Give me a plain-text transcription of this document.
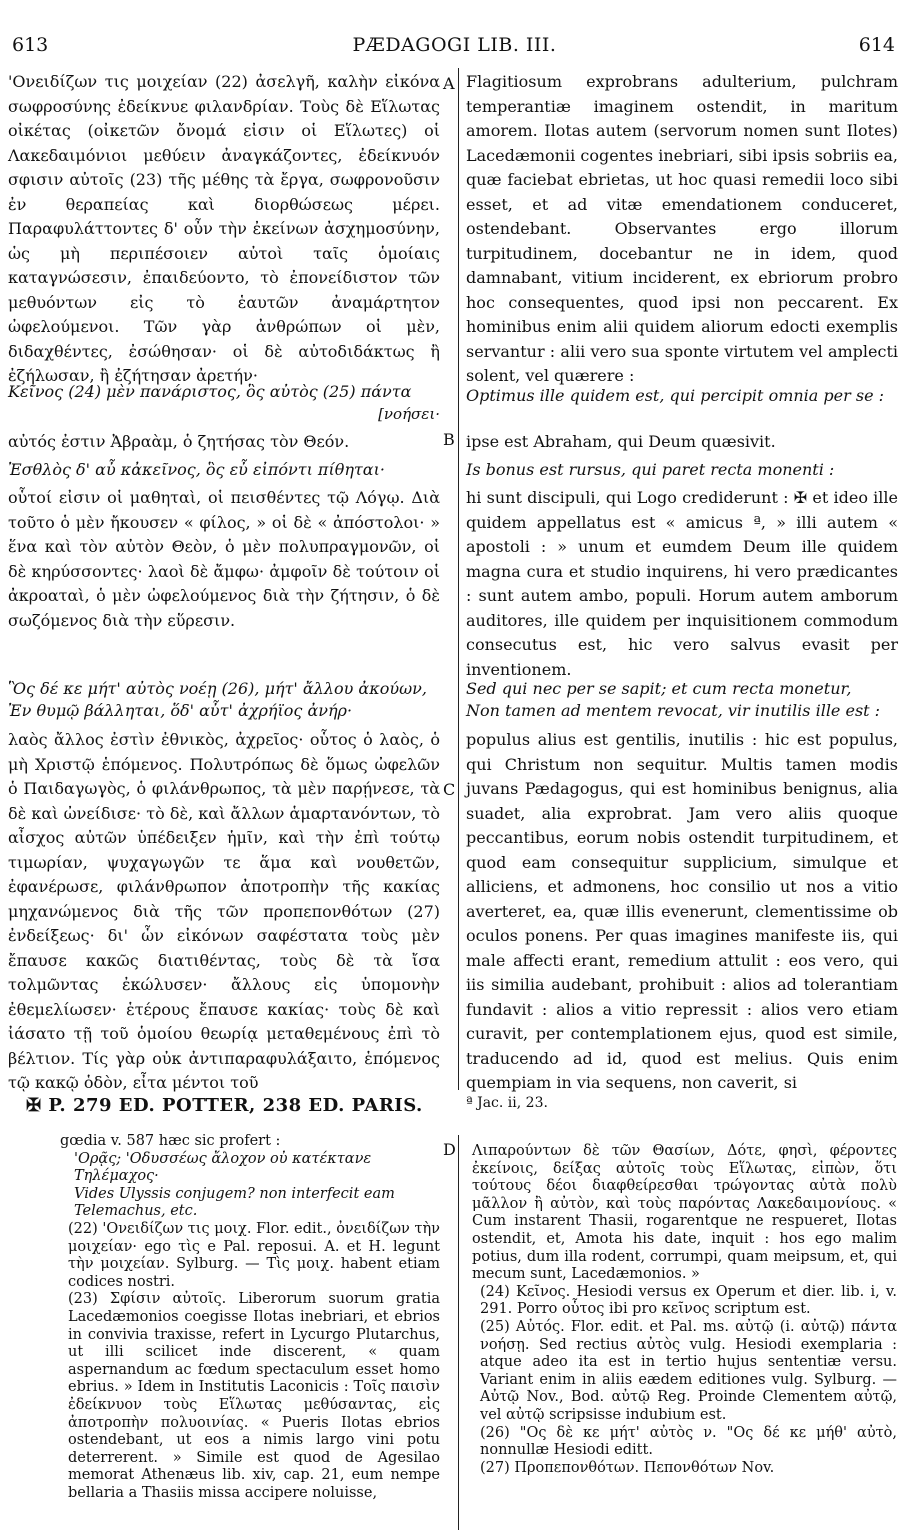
613	PÆDAGOGI LIB. III.	614
'Ονειδίζων τις μοιχείαν (22) ἀσελγῆ, καλὴν εἰκόνα σωφροσύνης ἐδείκνυε φιλανδρίαν. Τοὺς δὲ Εἵλωτας οἰκέτας (οἰκετῶν ὄνομά εἰσιν οἱ Εἵλωτες) οἱ Λακεδαιμόνιοι μεθύειν ἀναγκάζοντες, ἐδείκνυόν σφισιν αὐτοῖς (23) τῆς μέθης τὰ ἔργα, σωφρονοῦσιν ἐν θεραπείας καὶ διορθώσεως μέρει. Παραφυλάττοντες δ' οὖν τὴν ἐκείνων ἀσχημοσύνην, ὡς μὴ περιπέσοιεν αὐτοὶ ταῖς ὁμοίαις καταγνώσεσιν, ἐπαιδεύοντο, τὸ ἐπονείδιστον τῶν μεθυόντων εἰς τὸ ἑαυτῶν ἀναμάρτητον ὠφελούμενοι. Τῶν γὰρ ἀνθρώπων οἱ μὲν, διδαχθέντες, ἐσώθησαν· οἱ δὲ αὐτοδιδάκτως ἢ ἐζήλωσαν, ἢ ἐζήτησαν ἀρετήν·
Κεῖνος (24) μὲν πανάριστος, ὃς αὐτὸς (25) πάντα
[νοήσει·
αὐτός ἐστιν Ἀβραὰμ, ὁ ζητήσας τὸν Θεόν.
Ἐσθλὸς δ' αὖ κἀκεῖνος, ὃς εὖ εἰπόντι πίθηται·
οὗτοί εἰσιν οἱ μαθηταὶ, οἱ πεισθέντες τῷ Λόγῳ. Διὰ τοῦτο ὁ μὲν ἤκουσεν « φίλος, » οἱ δὲ « ἀπόστολοι· » ἕνα καὶ τὸν αὐτὸν Θεὸν, ὁ μὲν πολυπραγμονῶν, οἱ δὲ κηρύσσοντες· λαοὶ δὲ ἄμφω· ἀμφοῖν δὲ τούτοιν οἱ ἀκροαταὶ, ὁ μὲν ὠφελούμενος διὰ τὴν ζήτησιν, ὁ δὲ σωζόμενος διὰ τὴν εὕρεσιν.
Ὃς δέ κε μήτ' αὐτὸς νοέῃ (26), μήτ' ἄλλου ἀκούων,
Ἐν θυμῷ βάλληται, ὅδ' αὖτ' ἀχρήϊος ἀνήρ·
λαὸς ἄλλος ἐστὶν ἐθνικὸς, ἀχρεῖος· οὗτος ὁ λαὸς, ὁ μὴ Χριστῷ ἑπόμενος. Πολυτρόπως δὲ ὅμως ὠφελῶν ὁ Παιδαγωγὸς, ὁ φιλάνθρωπος, τὰ μὲν παρῄνεσε, τὰ δὲ καὶ ὠνείδισε· τὸ δὲ, καὶ ἄλλων ἁμαρτανόντων, τὸ αἶσχος αὐτῶν ὑπέδειξεν ἡμῖν, καὶ τὴν ἐπὶ τούτῳ τιμωρίαν, ψυχαγωγῶν τε ἅμα καὶ νουθετῶν, ἐφανέρωσε, φιλάνθρωπον ἀποτροπὴν τῆς κακίας μηχανώμενος διὰ τῆς τῶν προπεπονθότων (27) ἐνδείξεως· δι' ὧν εἰκόνων σαφέστατα τοὺς μὲν ἔπαυσε κακῶς διατιθέντας, τοὺς δὲ τὰ ἴσα τολμῶντας ἐκώλυσεν· ἄλλους εἰς ὑπομονὴν ἐθεμελίωσεν· ἑτέρους ἔπαυσε κακίας· τοὺς δὲ καὶ ἰάσατο τῇ τοῦ ὁμοίου θεωρίᾳ μεταθεμένους ἐπὶ τὸ βέλτιον. Τίς γὰρ οὐκ ἀντιπαραφυλάξαιτο, ἑπόμενος τῷ κακῷ ὁδὸν, εἶτα μέντοι τοῦ
A
B
C
D
Flagitiosum exprobrans adulterium, pulchram temperantiæ imaginem ostendit, in maritum amorem. Ilotas autem (servorum nomen sunt Ilotes) Lacedæmonii cogentes inebriari, sibi ipsis sobriis ea, quæ faciebat ebrietas, ut hoc quasi remedii loco sibi esset, et ad vitæ emendationem conduceret, ostendebant. Observantes ergo illorum turpitudinem, docebantur ne in idem, quod damnabant, vitium inciderent, ex ebriorum probro hoc consequentes, quod ipsi non peccarent. Ex hominibus enim alii quidem aliorum edocti exemplis servantur : alii vero sua sponte virtutem vel amplecti solent, vel quærere :
Optimus ille quidem est, qui percipit omnia per se :
ipse est Abraham, qui Deum quæsivit.
Is bonus est rursus, qui paret recta monenti :
hi sunt discipuli, qui Logo crediderunt : ✠ et ideo ille quidem appellatus est « amicus ª, » illi autem « apostoli : » unum et eumdem Deum ille quidem magna cura et studio inquirens, hi vero prædicantes : sunt autem ambo, populi. Horum autem amborum auditores, ille quidem per inquisitionem commodum consecutus est, hic vero salvus evasit per inventionem.
Sed qui nec per se sapit; et cum recta monetur,
Non tamen ad mentem revocat, vir inutilis ille est :
populus alius est gentilis, inutilis : hic est populus, qui Christum non sequitur. Multis tamen modis juvans Pædagogus, qui est hominibus benignus, alia suadet, alia exprobrat. Jam vero aliis quoque peccantibus, eorum nobis ostendit turpitudinem, et quod eam consequitur supplicium, simulque et alliciens, et admonens, hoc consilio ut nos a vitio averteret, ea, quæ illis evenerunt, clementissime ob oculos ponens. Per quas imagines manifeste iis, qui male affecti erant, remedium attulit : eos vero, qui iis similia audebant, prohibuit : alios ad tolerantiam fundavit : alios a vitio repressit : alios vero etiam curavit, per contemplationem ejus, quod est simile, traducendo ad id, quod est melius. Quis enim quempiam in via sequens, non caverit, si
✠ P. 279 ED. POTTER, 238 ED. PARIS.	ª Jac. ii, 23.

gœdia v. 587 hæc sic profert :

'Ορᾷς; 'Οδυσσέως ἄλοχον οὐ κατέκτανε

Τηλέμαχος·

Vides Ulyssis conjugem? non interfecit eam

Telemachus, etc.

(22) 'Ονειδίζων τις μοιχ. Flor. edit., ὀνειδίζων τὴν μοιχείαν· ego τὶς e Pal. reposui. A. et H. legunt τὴν μοιχείαν. Sylburg. — Τὶς μοιχ. habent etiam codices nostri.

(23) Σφίσιν αὐτοῖς. Liberorum suorum gratia Lacedæmonios coegisse Ilotas inebriari, et ebrios in convivia traxisse, refert in Lycurgo Plutarchus, ut illi scilicet inde discerent, « quam aspernandum ac fœdum spectaculum esset homo ebrius. » Idem in Institutis Laconicis : Τοῖς παισὶν ἐδείκνυον τοὺς Εἵλωτας μεθύσαντας, εἰς ἀποτροπὴν πολυοινίας. « Pueris Ilotas ebrios ostendebant, ut eos a nimis largo vini potu deterrerent. » Simile est quod de Agesilao memorat Athenæus lib. xiv, cap. 21, eum nempe bellaria a Thasiis missa accipere noluisse,

Λιπαρούντων δὲ τῶν Θασίων, Δότε, φησὶ, φέροντες ἐκείνοις, δείξας αὐτοῖς τοὺς Εἵλωτας, εἰπὼν, ὅτι τούτους δέοι διαφθείρεσθαι τρώγοντας αὐτὰ πολὺ μᾶλλον ἢ αὐτὸν, καὶ τοὺς παρόντας Λακεδαιμονίους. « Cum instarent Thasii, rogarentque ne respueret, Ilotas ostendit, et, Amota his date, inquit : hos ego malim potius, dum illa rodent, corrumpi, quam meipsum, et, qui mecum sunt, Lacedæmonios. »

(24) Κεῖνος. Hesiodi versus ex Operum et dier. lib. i, v. 291. Porro οὗτος ibi pro κεῖνος scriptum est.

(25) Αὐτός. Flor. edit. et Pal. ms. αὐτῷ (i. αὐτῷ) πάντα νοήσῃ. Sed rectius αὐτὸς vulg. Hesiodi exemplaria : atque adeo ita est in tertio hujus sententiæ versu. Variant enim in aliis eædem editiones vulg. Sylburg. — Αὐτῷ Nov., Bod. αὐτῷ Reg. Proinde Clementem αὐτῷ, vel αὐτῷ scripsisse indubium est.

(26) "Ος δὲ κε μήτ' αὐτὸς ν. "Ος δέ κε μήθ' αὐτὸ, nonnullæ Hesiodi editt.

(27) Προπεπονθότων. Πεπονθότων Nov.
